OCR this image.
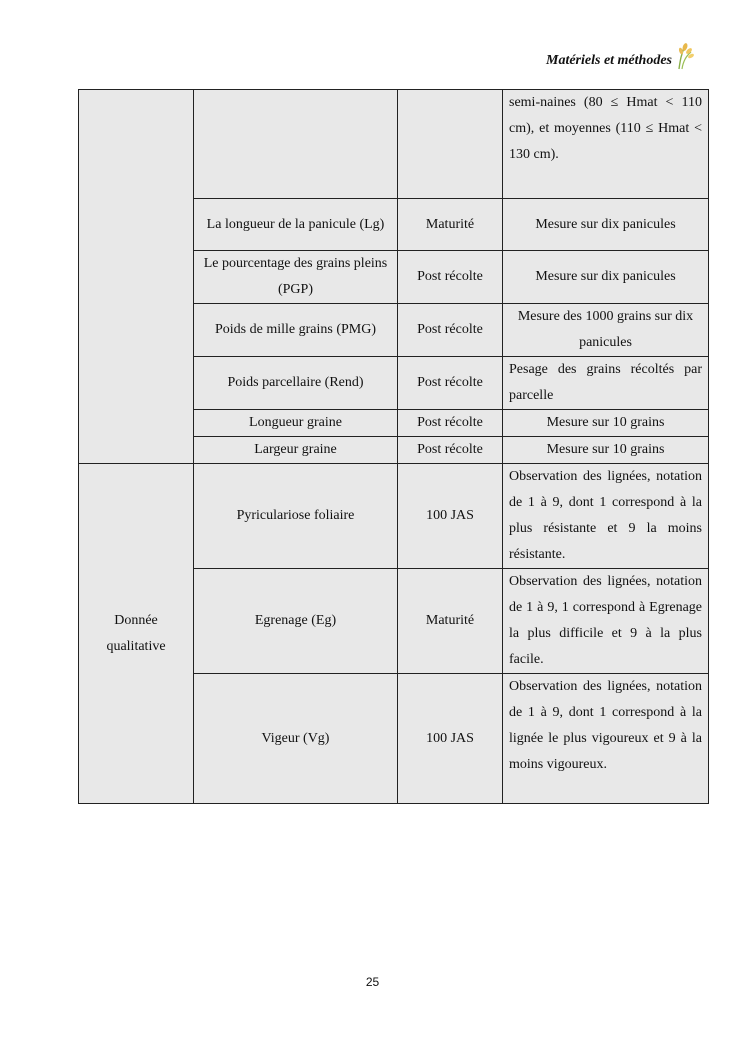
Matériels et méthodes
			semi-naines (80 ≤ Hmat < 110 cm), et moyennes (110 ≤ Hmat < 130 cm).
	La longueur de la panicule (Lg)	Maturité	Mesure sur dix panicules
	Le pourcentage des grains pleins (PGP)	Post récolte	Mesure sur dix panicules
	Poids de mille grains (PMG)	Post récolte	Mesure des 1000 grains sur dix panicules
	Poids parcellaire (Rend)	Post récolte	Pesage des grains récoltés par parcelle
	Longueur graine	Post récolte	Mesure sur 10 grains
	Largeur graine	Post récolte	Mesure sur 10 grains
Donnée qualitative	Pyriculariose foliaire	100 JAS	Observation des lignées, notation de 1 à 9, dont 1 correspond à la plus résistante et 9 la moins résistante.
	Egrenage (Eg)	Maturité	Observation des lignées, notation de 1 à 9, 1 correspond à Egrenage la plus difficile et 9 à la plus facile.
	Vigeur (Vg)	100 JAS	Observation des lignées, notation de 1 à 9, dont 1 correspond à la lignée le plus vigoureux et 9 à la moins vigoureux.
25
